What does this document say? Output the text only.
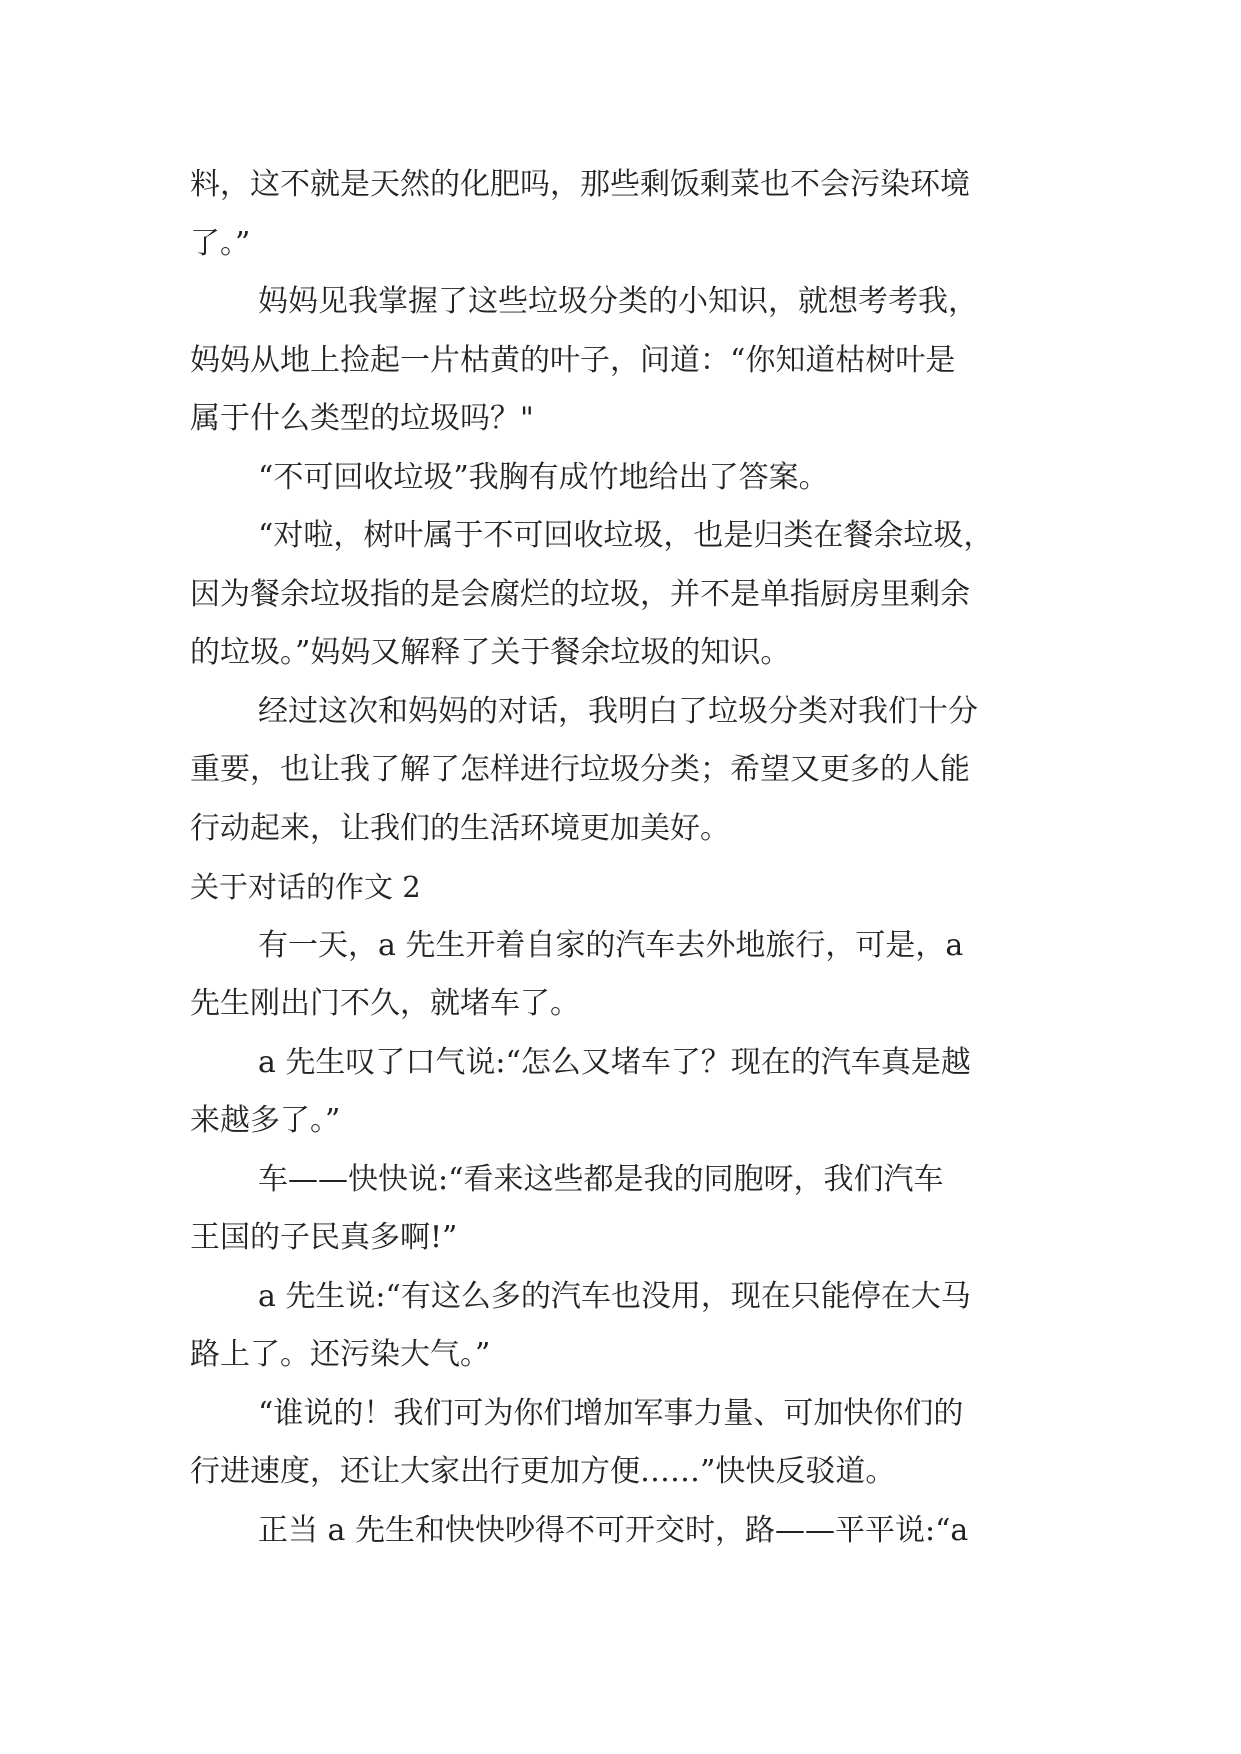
料，这不就是天然的化肥吗，那些剩饭剩菜也不会污染环境
了。”
妈妈见我掌握了这些垃圾分类的小知识，就想考考我，
妈妈从地上捡起一片枯黄的叶子，问道：“你知道枯树叶是
属于什么类型的垃圾吗？"
“不可回收垃圾”我胸有成竹地给出了答案。
“对啦，树叶属于不可回收垃圾，也是归类在餐余垃圾，
因为餐余垃圾指的是会腐烂的垃圾，并不是单指厨房里剩余
的垃圾。”妈妈又解释了关于餐余垃圾的知识。
经过这次和妈妈的对话，我明白了垃圾分类对我们十分
重要，也让我了解了怎样进行垃圾分类；希望又更多的人能
行动起来，让我们的生活环境更加美好。
关于对话的作文 2
有一天，a 先生开着自家的汽车去外地旅行，可是，a
先生刚出门不久，就堵车了。
a 先生叹了口气说:“怎么又堵车了？现在的汽车真是越
来越多了。”
车——快快说:“看来这些都是我的同胞呀，我们汽车
王国的子民真多啊!”
a 先生说:“有这么多的汽车也没用，现在只能停在大马
路上了。还污染大气。”
“谁说的！我们可为你们增加军事力量、可加快你们的
行进速度，还让大家出行更加方便……”快快反驳道。
正当 a 先生和快快吵得不可开交时，路——平平说:“a
